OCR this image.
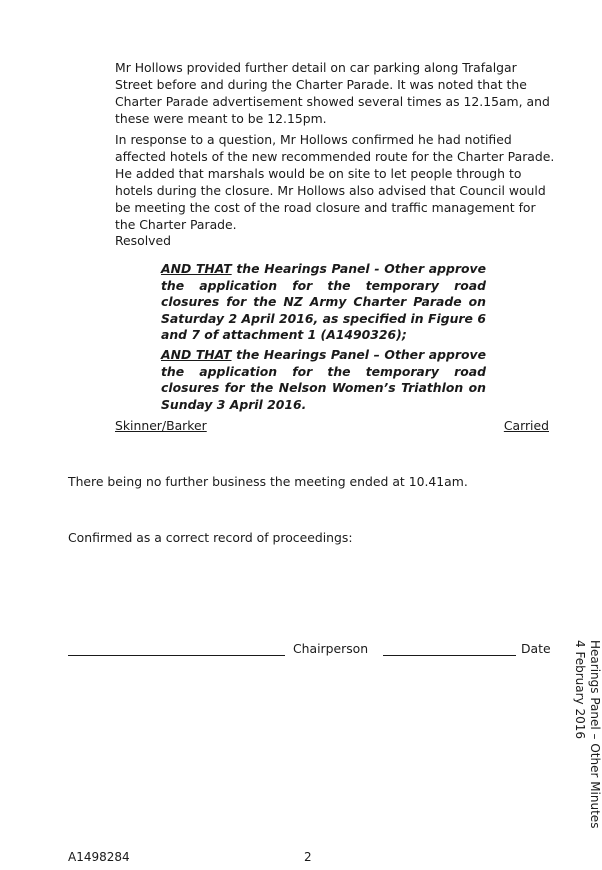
Mr Hollows provided further detail on car parking along Trafalgar Street before and during the Charter Parade. It was noted that the Charter Parade advertisement showed several times as 12.15am, and these were meant to be 12.15pm.

In response to a question, Mr Hollows confirmed he had notified affected hotels of the new recommended route for the Charter Parade. He added that marshals would be on site to let people through to hotels during the closure. Mr Hollows also advised that Council would be meeting the cost of the road closure and traffic management for the Charter Parade.

Resolved

AND THAT the Hearings Panel - Other approve the application for the temporary road closures for the NZ Army Charter Parade on Saturday 2 April 2016, as specified in Figure 6 and 7 of attachment 1 (A1490326);

AND THAT the Hearings Panel – Other approve the application for the temporary road closures for the Nelson Women’s Triathlon on Sunday 3 April 2016.

Skinner/Barker	Carried

There being no further business the meeting ended at 10.41am.

Confirmed as a correct record of proceedings:

Chairperson	Date	Hearings Panel – Other Minutes
4 February 2016
A1498284	2
